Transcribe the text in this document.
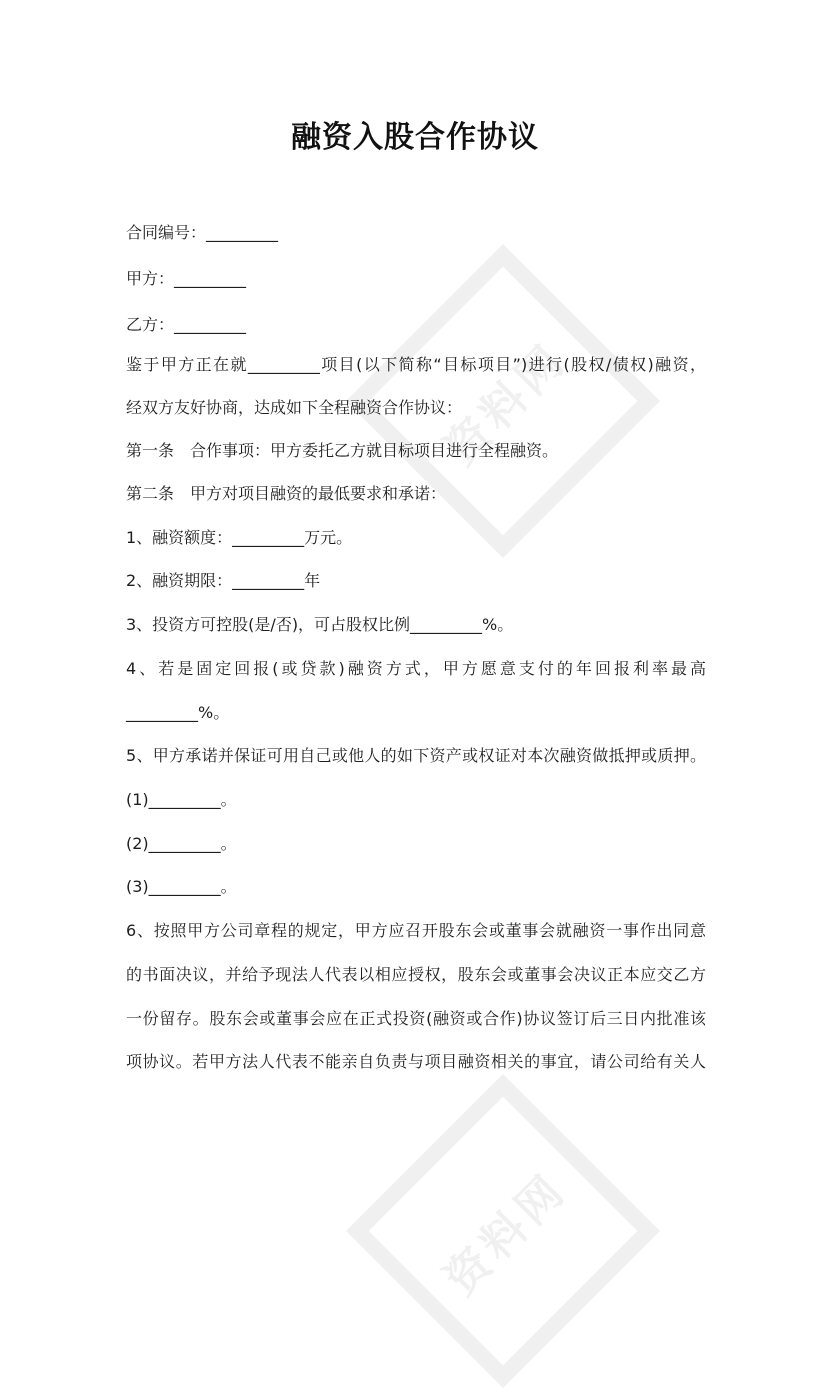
资料网
资料网
融资入股合作协议
合同编号：_________
甲方：_________
乙方：_________
鉴于甲方正在就_________项目(以下简称“目标项目”)进行(股权/债权)融资，
经双方友好协商，达成如下全程融资合作协议：
第一条　合作事项：甲方委托乙方就目标项目进行全程融资。
第二条　甲方对项目融资的最低要求和承诺：
1、融资额度：_________万元。
2、融资期限：_________年
3、投资方可控股(是/否)，可占股权比例_________%。
4、若是固定回报(或贷款)融资方式，甲方愿意支付的年回报利率最高
_________%。
5、甲方承诺并保证可用自己或他人的如下资产或权证对本次融资做抵押或质押。
(1)_________。
(2)_________。
(3)_________。
6、按照甲方公司章程的规定，甲方应召开股东会或董事会就融资一事作出同意
的书面决议，并给予现法人代表以相应授权，股东会或董事会决议正本应交乙方
一份留存。股东会或董事会应在正式投资(融资或合作)协议签订后三日内批准该
项协议。若甲方法人代表不能亲自负责与项目融资相关的事宜，请公司给有关人
